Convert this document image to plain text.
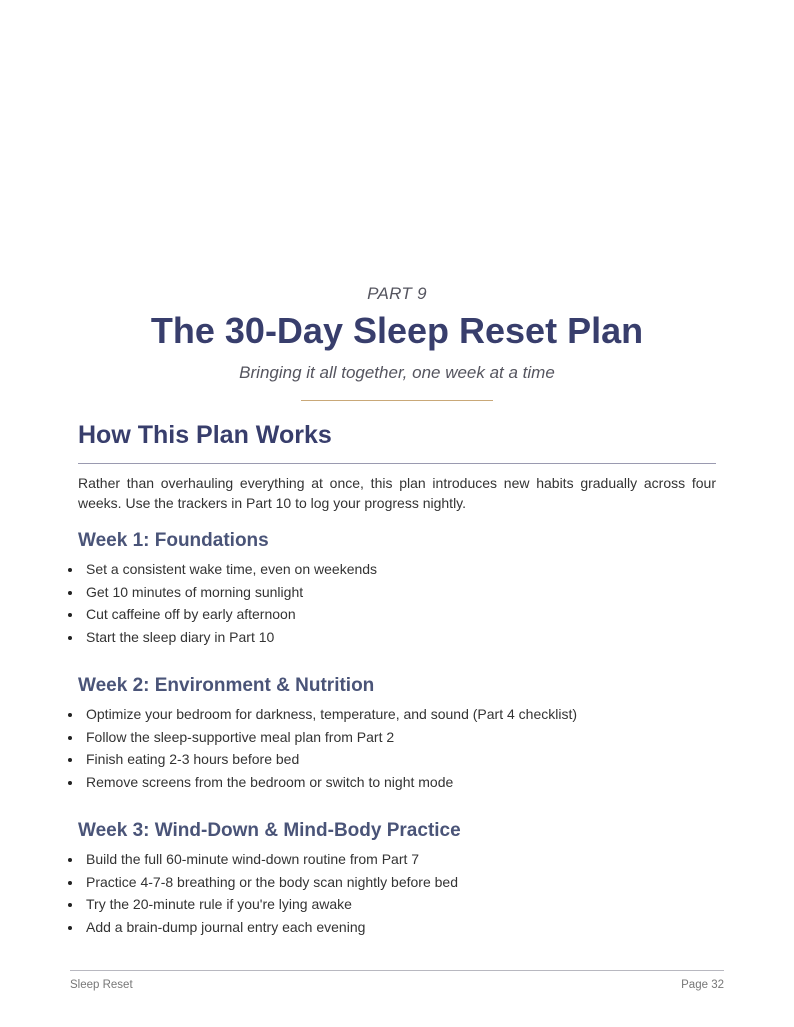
PART 9
The 30-Day Sleep Reset Plan
Bringing it all together, one week at a time
How This Plan Works

Rather than overhauling everything at once, this plan introduces new habits gradually across four weeks. Use the trackers in Part 10 to log your progress nightly.

Week 1: Foundations
Set a consistent wake time, even on weekends
Get 10 minutes of morning sunlight
Cut caffeine off by early afternoon
Start the sleep diary in Part 10
Week 2: Environment & Nutrition
Optimize your bedroom for darkness, temperature, and sound (Part 4 checklist)
Follow the sleep-supportive meal plan from Part 2
Finish eating 2-3 hours before bed
Remove screens from the bedroom or switch to night mode
Week 3: Wind-Down & Mind-Body Practice
Build the full 60-minute wind-down routine from Part 7
Practice 4-7-8 breathing or the body scan nightly before bed
Try the 20-minute rule if you're lying awake
Add a brain-dump journal entry each evening
Sleep Reset	Page 32
